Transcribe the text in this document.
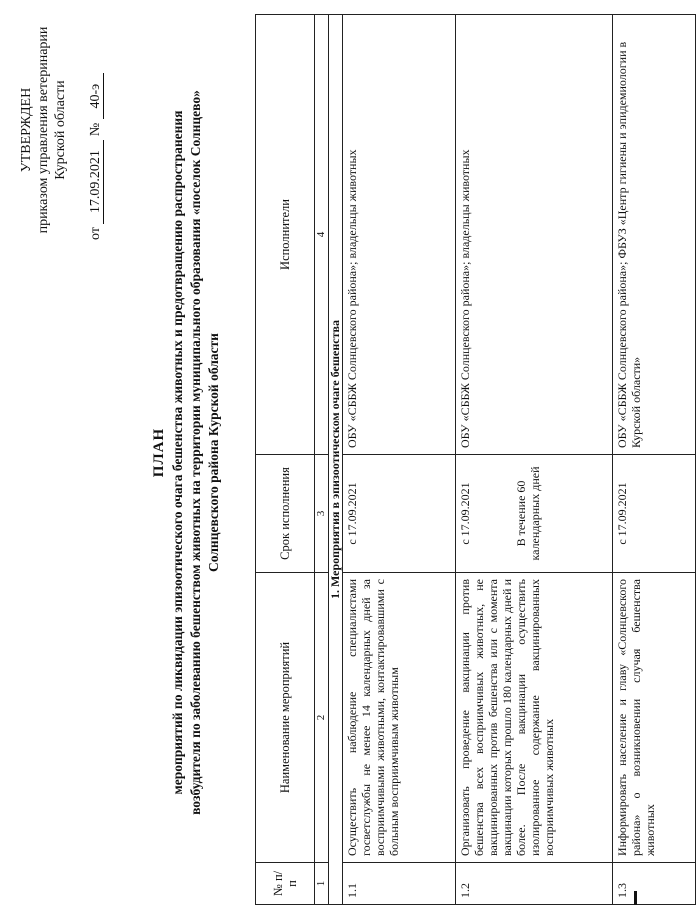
УТВЕРЖДЕН приказом управления ветеринарии Курской области
от 17.09.2021 № 40-э
ПЛАН мероприятий по ликвидации эпизоотического очага бешенства животных и предотвращению распространения возбудителя по заболеванию бешенством животных на территории муниципального образования «поселок Солнцево» Солнцевского района Курской области
№ п/п	Наименование мероприятий	Срок исполнения	Исполнители
1	2	3	4
1. Мероприятия в эпизоотическом очаге бешенства			
1.1	Осуществить наблюдение специалистами госветслужбы не менее 14 календарных дней за восприимчивыми животными, контактировавшими с больным восприимчивым животным	с 17.09.2021	ОБУ «СББЖ Солнцевского района»; владельцы животных
1.2	Организовать проведение вакцинации против бешенства всех восприимчивых животных, не вакцинированных против бешенства или с момента вакцинации которых прошло 180 календарных дней и более. После вакцинации осуществить изолированное содержание вакцинированных восприимчивых животных	с 17.09.2021 В течение 60 календарных дней	ОБУ «СББЖ Солнцевского района»; владельцы животных
1.3	Информировать население и главу «Солнцевского района» о возникновении случая бешенства животных	с 17.09.2021	ОБУ «СББЖ Солнцевского района»; ФБУЗ «Центр гигиены и эпидемиологии в Курской области»
